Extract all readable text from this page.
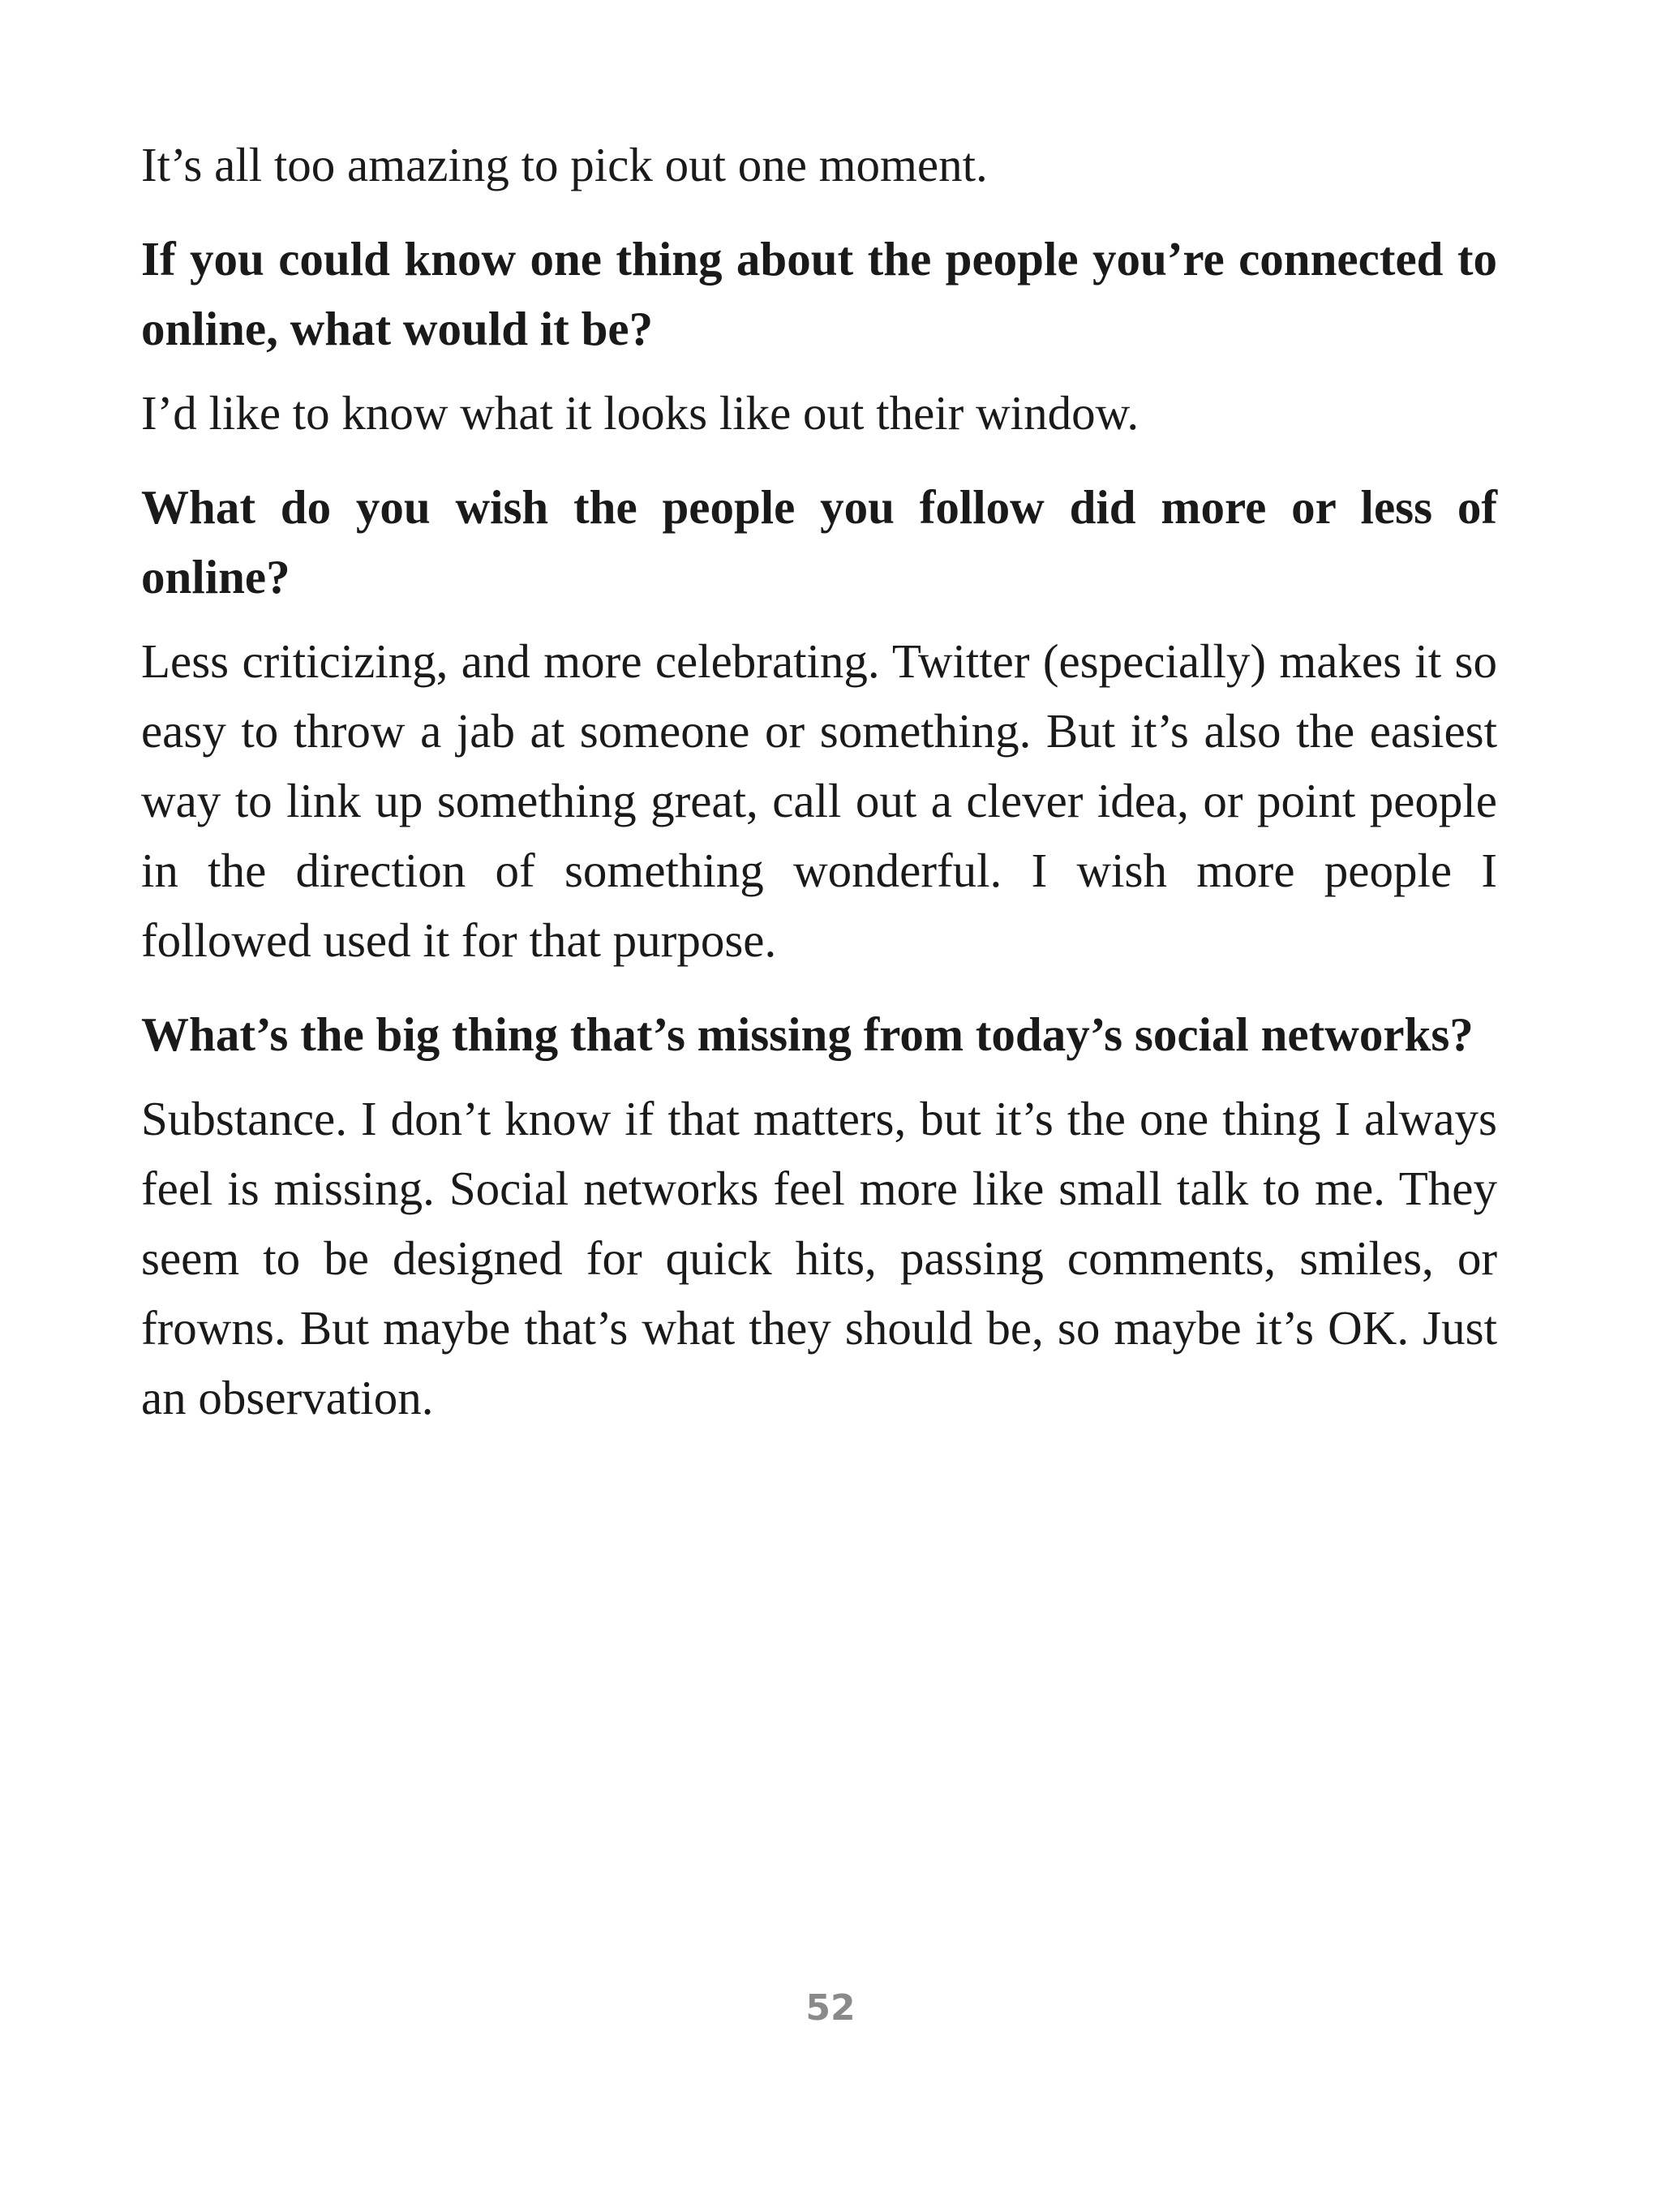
It’s all too amazing to pick out one moment.

If you could know one thing about the people you’re connected to online, what would it be?

I’d like to know what it looks like out their window.

What do you wish the people you follow did more or less of online?

Less criticizing, and more celebrating. Twitter (especially) makes it so easy to throw a jab at someone or something. But it’s also the easiest way to link up something great, call out a clever idea, or point people in the direction of something wonderful. I wish more people I followed used it for that purpose.

What’s the big thing that’s missing from today’s social networks?

Substance. I don’t know if that matters, but it’s the one thing I always feel is missing. Social networks feel more like small talk to me. They seem to be designed for quick hits, passing comments, smiles, or frowns. But maybe that’s what they should be, so maybe it’s OK. Just an observation.

52
